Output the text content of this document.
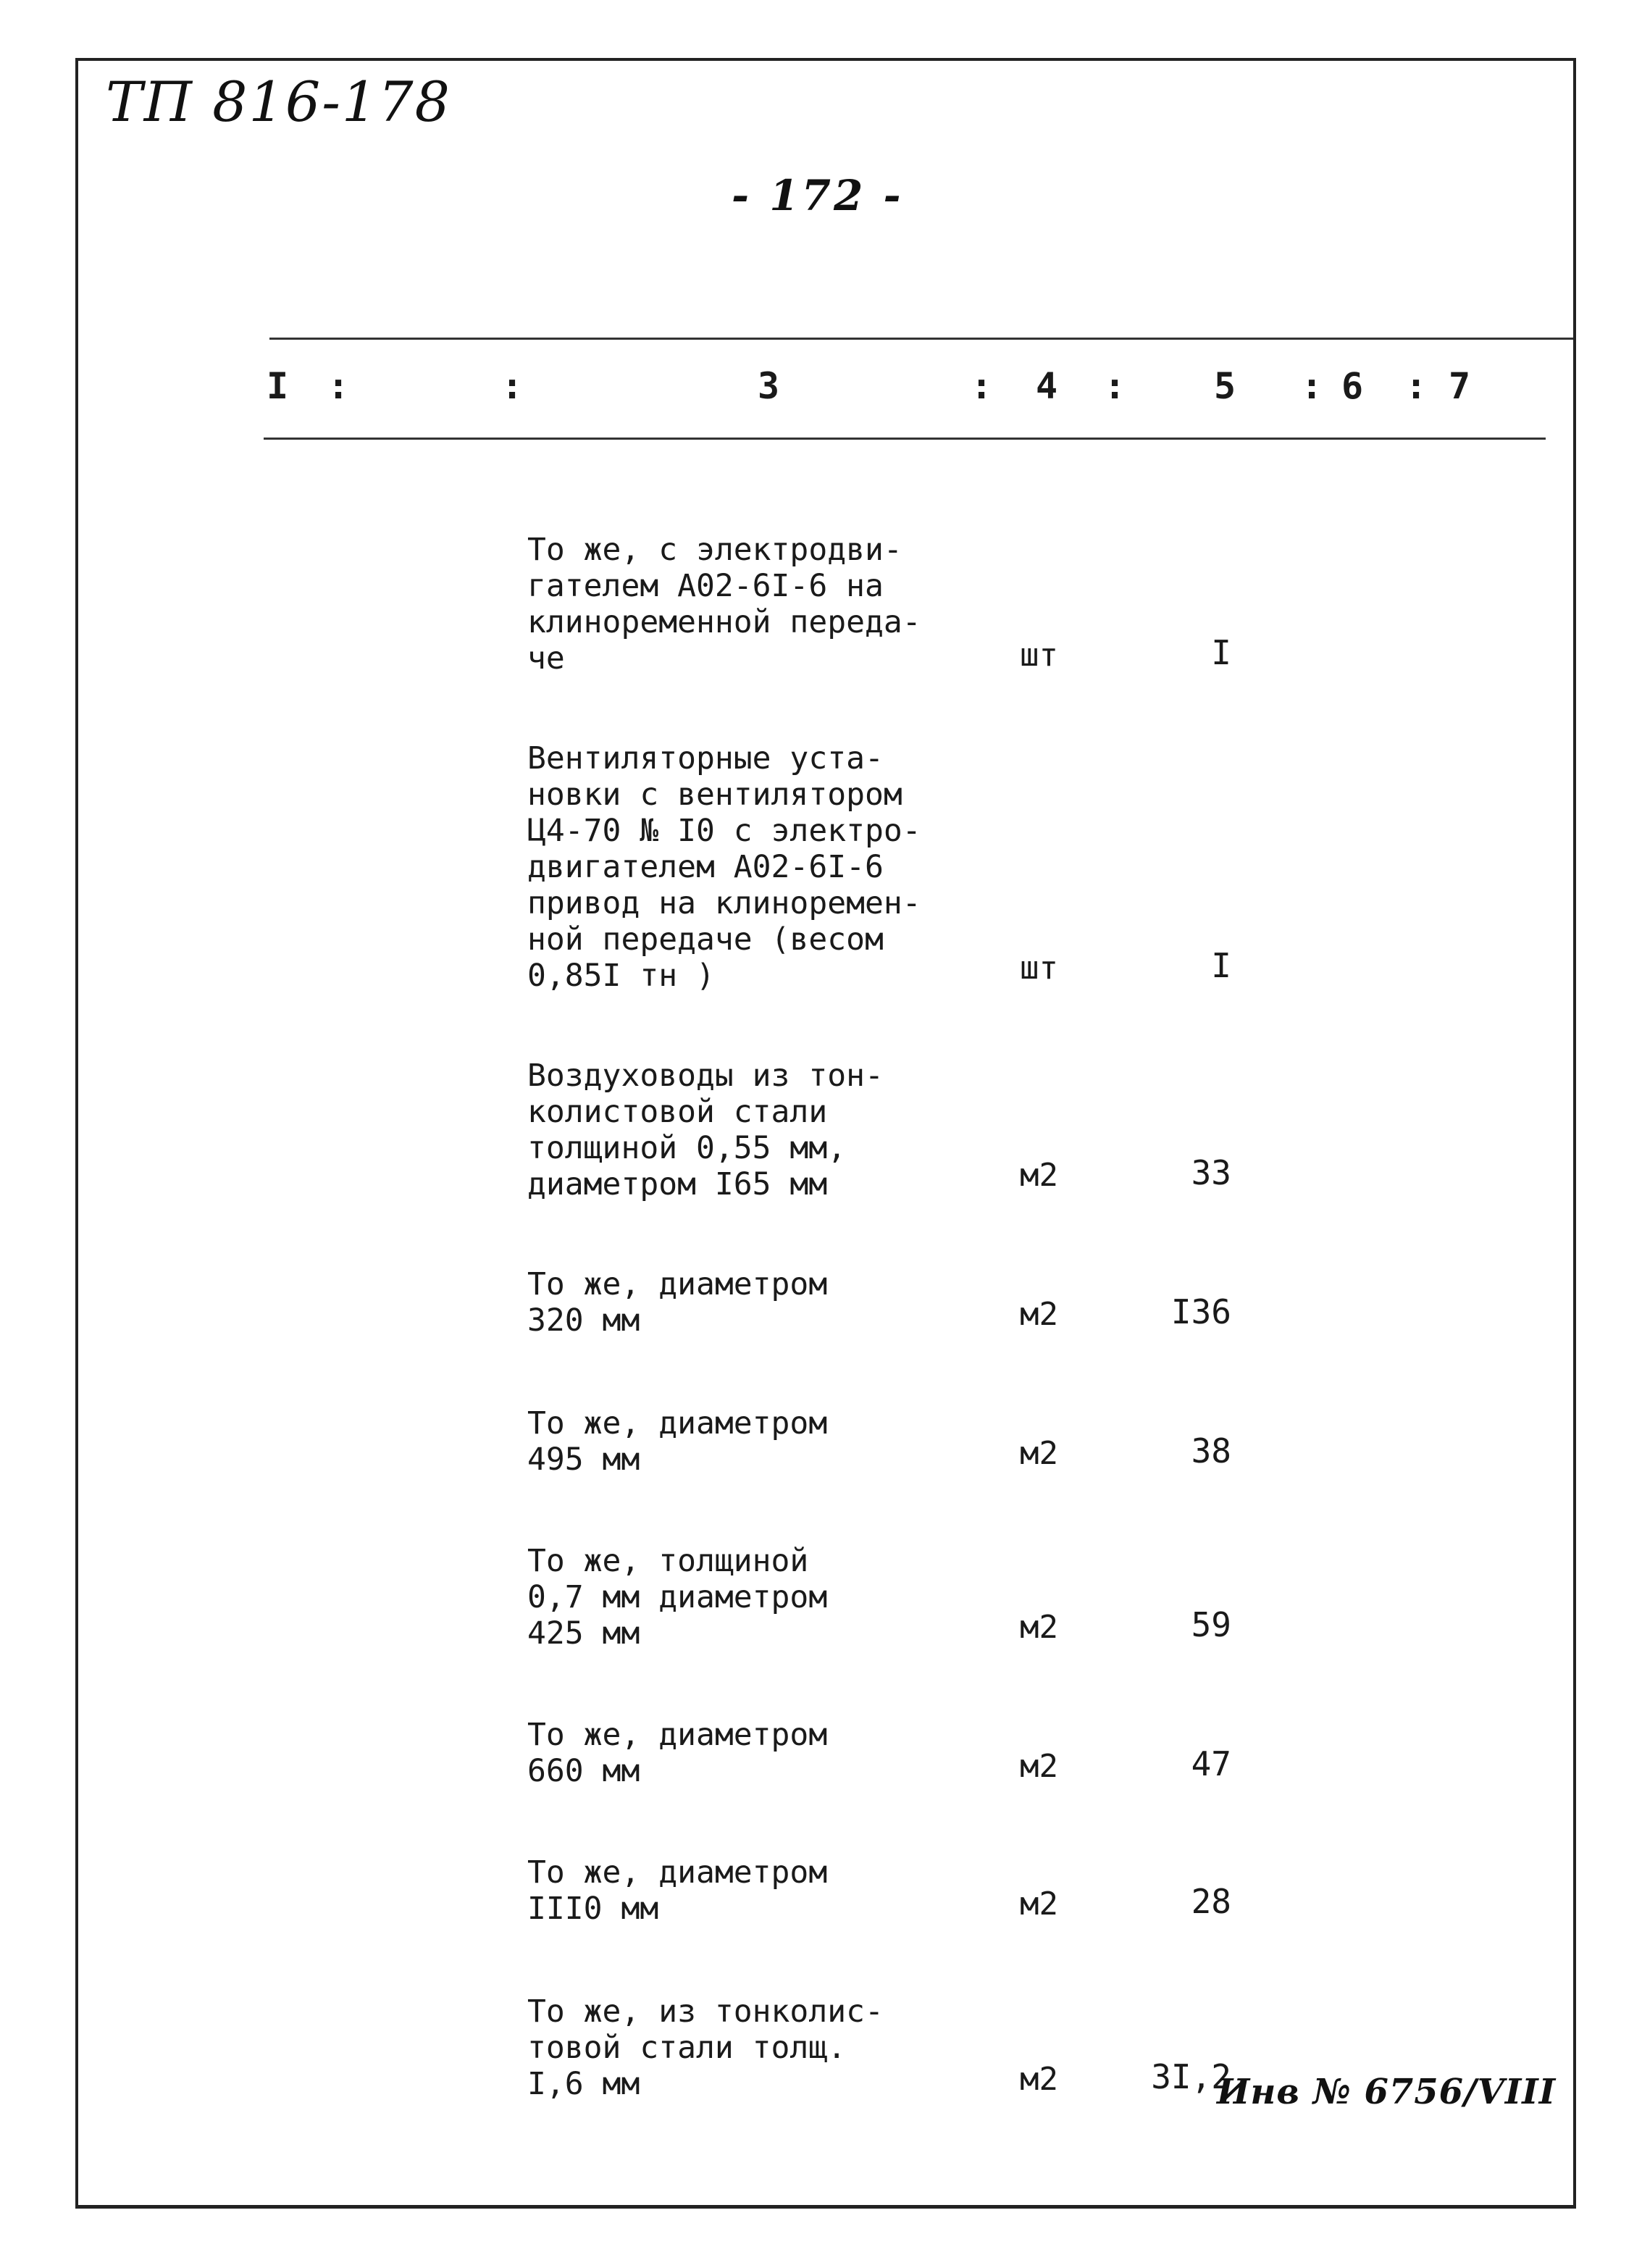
ТП 816-178
- 172 -
I :	:	3	: 4 : 5 : 6 : 7
То же, с электродви-
гателем А02-6I-6 на
клиноременной переда-
че	шт	I
Вентиляторные уста-
новки с вентилятором
Ц4-70 № I0 с электро-
двигателем А02-6I-6
привод на клиноремен-
ной передаче (весом
0,85I тн )	шт	I
Воздуховоды из тон-
колистовой стали
толщиной 0,55 мм,
диаметром I65 мм	м2	33
То же, диаметром
320 мм	м2	I36
То же, диаметром
495 мм	м2	38
То же, толщиной
0,7 мм диаметром
425 мм	м2	59
То же, диаметром
660 мм	м2	47
То же, диаметром
III0 мм	м2	28
То же, из тонколис-
товой стали толщ.
I,6 мм	м2	3I,2
Инв № 6756/VIII
